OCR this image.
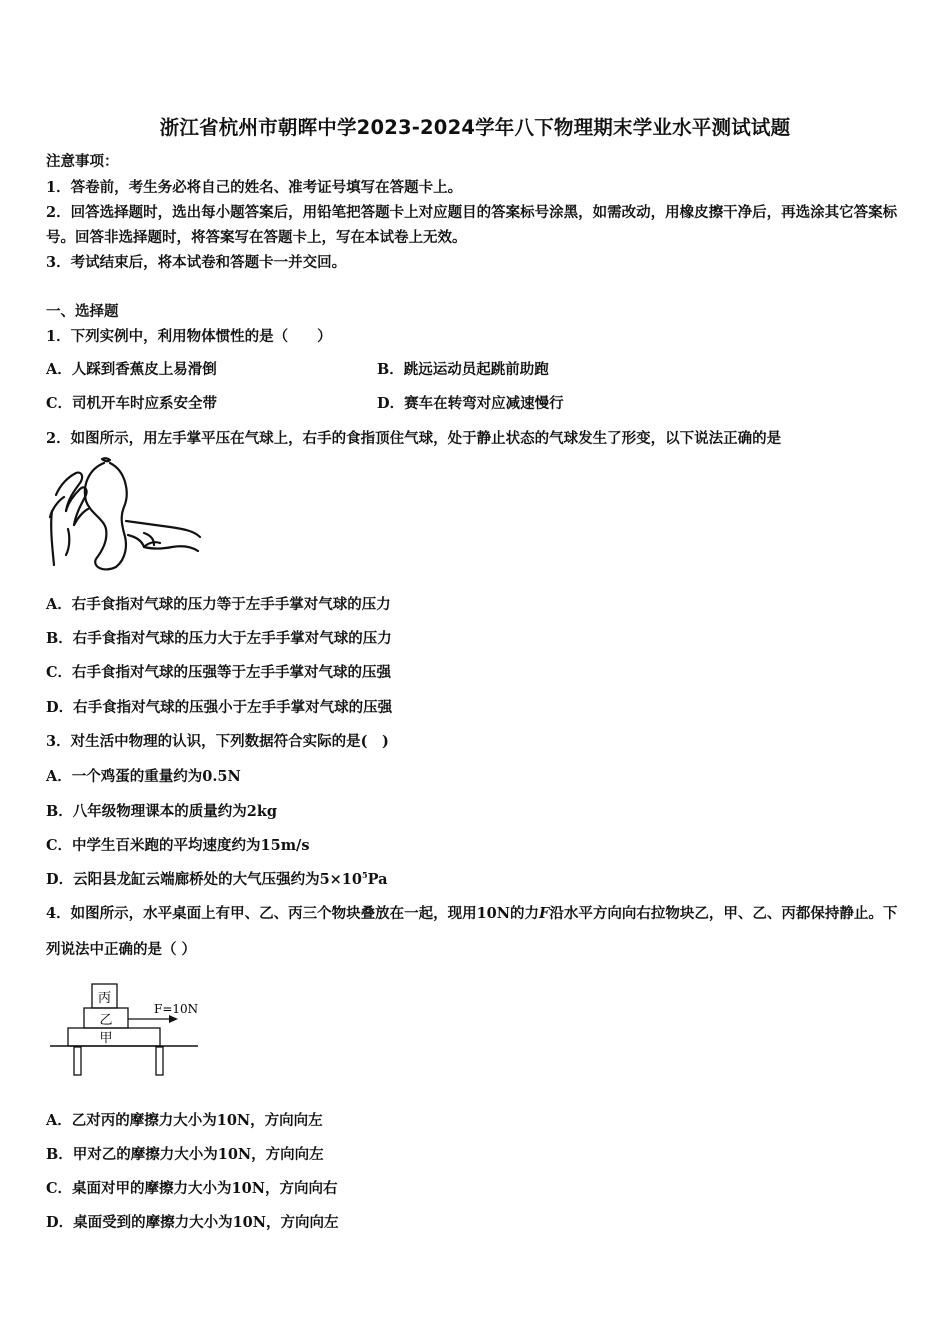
浙江省杭州市朝晖中学2023-2024学年八下物理期末学业水平测试试题
注意事项：
1．答卷前，考生务必将自己的姓名、准考证号填写在答题卡上。
2．回答选择题时，选出每小题答案后，用铅笔把答题卡上对应题目的答案标号涂黑，如需改动，用橡皮擦干净后，再选涂其它答案标号。回答非选择题时，将答案写在答题卡上，写在本试卷上无效。
3．考试结束后，将本试卷和答题卡一并交回。
一、选择题
1．下列实例中，利用物体惯性的是（　　）
A．人踩到香蕉皮上易滑倒	B．跳远运动员起跳前助跑
C．司机开车时应系安全带	D．赛车在转弯对应减速慢行
2．如图所示，用左手掌平压在气球上，右手的食指顶住气球，处于静止状态的气球发生了形变，以下说法正确的是
A．右手食指对气球的压力等于左手手掌对气球的压力
B．右手食指对气球的压力大于左手手掌对气球的压力
C．右手食指对气球的压强等于左手手掌对气球的压强
D．右手食指对气球的压强小于左手手掌对气球的压强
3．对生活中物理的认识，下列数据符合实际的是(　)
A．一个鸡蛋的重量约为0.5N
B．八年级物理课本的质量约为2kg
C．中学生百米跑的平均速度约为15m/s
D．云阳县龙缸云端廊桥处的大气压强约为$5\times 10^5Pa$
4．如图所示，水平桌面上有甲、乙、丙三个物块叠放在一起，现用10N的力F沿水平方向向右拉物块乙，甲、乙、丙都保持静止。下列说法中正确的是（ ）
丙
乙
甲
F=10N
A．乙对丙的摩擦力大小为10N，方向向左
B．甲对乙的摩擦力大小为10N，方向向左
C．桌面对甲的摩擦力大小为10N，方向向右
D．桌面受到的摩擦力大小为10N，方向向左
